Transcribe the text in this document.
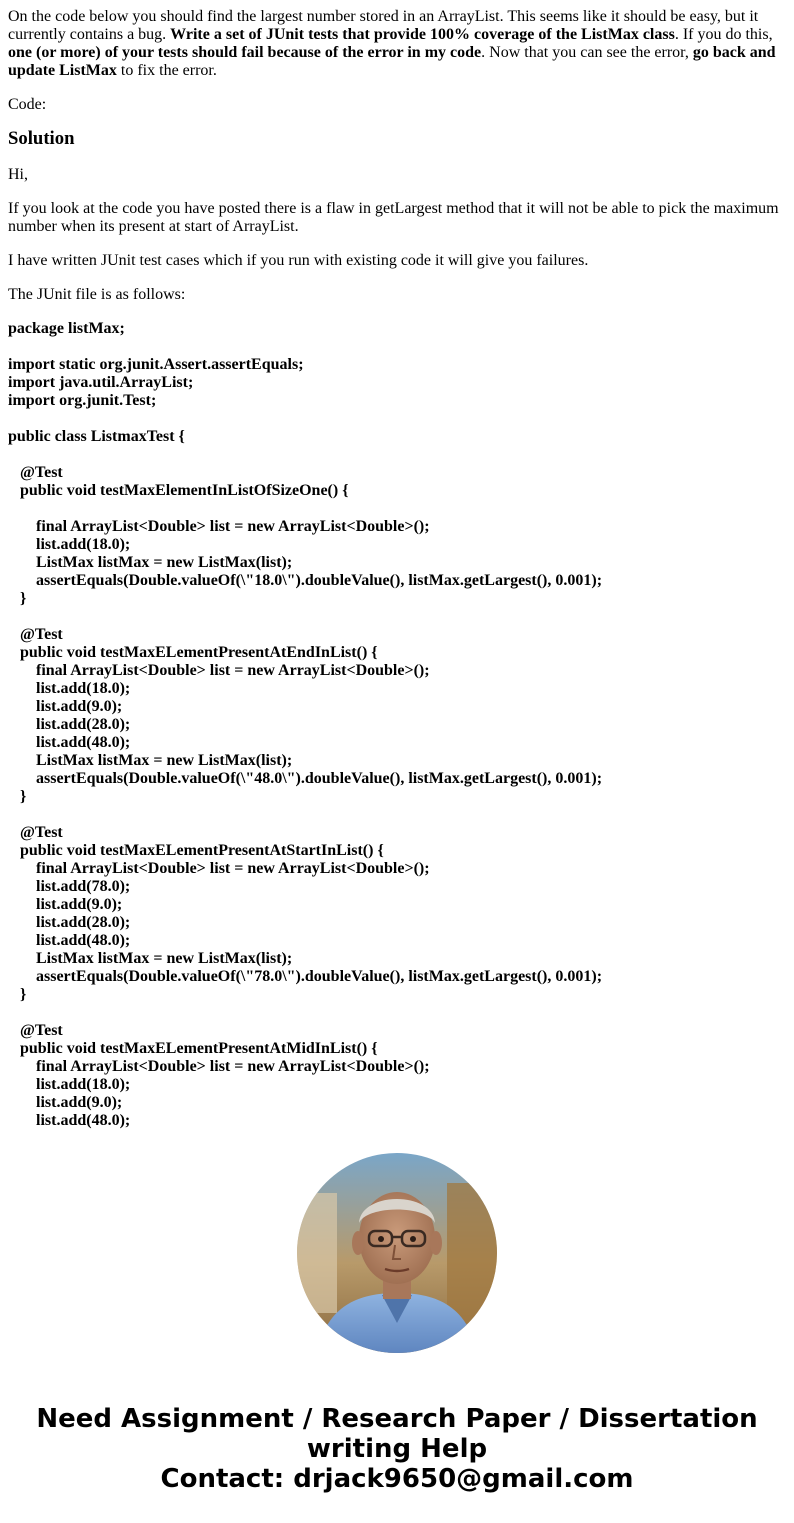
On the code below you should find the largest number stored in an ArrayList. This seems like it should be easy, but it currently contains a bug. Write a set of JUnit tests that provide 100% coverage of the ListMax class. If you do this, one (or more) of your tests should fail because of the error in my code. Now that you can see the error, go back and update ListMax to fix the error.

Code:

Solution

Hi,

If you look at the code you have posted there is a flaw in getLargest method that it will not be able to pick the maximum number when its present at start of ArrayList.

I have written JUnit test cases which if you run with existing code it will give you failures.

The JUnit file is as follows:

package listMax;
import static org.junit.Assert.assertEquals;
import java.util.ArrayList;
import org.junit.Test;
public class ListmaxTest {
@Test
public void testMaxElementInListOfSizeOne() {
final ArrayList<Double> list = new ArrayList<Double>();
list.add(18.0);
ListMax listMax = new ListMax(list);
assertEquals(Double.valueOf(\"18.0\").doubleValue(), listMax.getLargest(), 0.001);
}
@Test
public void testMaxELementPresentAtEndInList() {
final ArrayList<Double> list = new ArrayList<Double>();
list.add(18.0);
list.add(9.0);
list.add(28.0);
list.add(48.0);
ListMax listMax = new ListMax(list);
assertEquals(Double.valueOf(\"48.0\").doubleValue(), listMax.getLargest(), 0.001);
}
@Test
public void testMaxELementPresentAtStartInList() {
final ArrayList<Double> list = new ArrayList<Double>();
list.add(78.0);
list.add(9.0);
list.add(28.0);
list.add(48.0);
ListMax listMax = new ListMax(list);
assertEquals(Double.valueOf(\"78.0\").doubleValue(), listMax.getLargest(), 0.001);
}
@Test
public void testMaxELementPresentAtMidInList() {
final ArrayList<Double> list = new ArrayList<Double>();
list.add(18.0);
list.add(9.0);
list.add(48.0);
Need Assignment / Research Paper / Dissertation
writing Help
Contact: drjack9650@gmail.com
